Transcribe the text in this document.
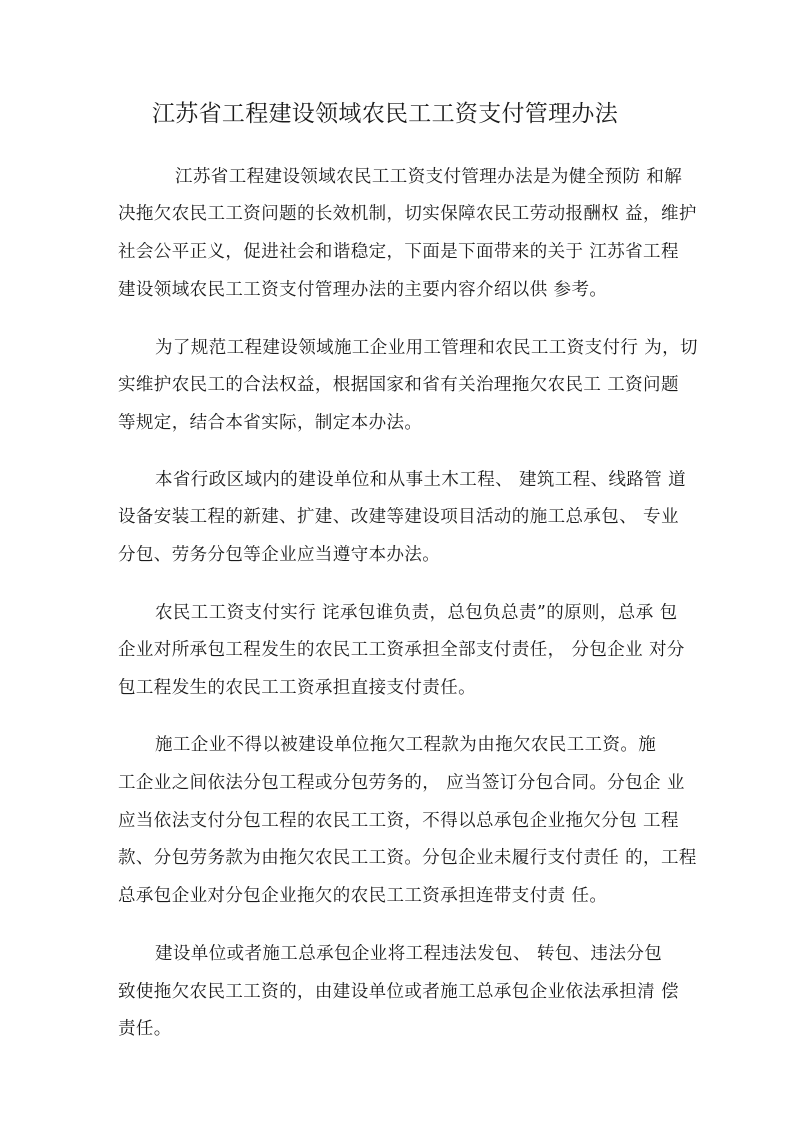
江苏省工程建设领域农民工工资支付管理办法
江苏省工程建设领域农民工工资支付管理办法是为健全预防 和解
决拖欠农民工工资问题的长效机制，切实保障农民工劳动报酬权 益，维护
社会公平正义，促进社会和谐稳定，下面是下面带来的关于 江苏省工程
建设领域农民工工资支付管理办法的主要内容介绍以供 参考。
为了规范工程建设领域施工企业用工管理和农民工工资支付行 为，切
实维护农民工的合法权益，根据国家和省有关治理拖欠农民工 工资问题
等规定，结合本省实际，制定本办法。
本省行政区域内的建设单位和从事土木工程、 建筑工程、线路管 道
设备安装工程的新建、扩建、改建等建设项目活动的施工总承包、 专业
分包、劳务分包等企业应当遵守本办法。
农民工工资支付实行 诧承包谁负责，总包负总责”的原则，总承 包
企业对所承包工程发生的农民工工资承担全部支付责任， 分包企业 对分
包工程发生的农民工工资承担直接支付责任。
施工企业不得以被建设单位拖欠工程款为由拖欠农民工工资。施
工企业之间依法分包工程或分包劳务的， 应当签订分包合同。分包企 业
应当依法支付分包工程的农民工工资，不得以总承包企业拖欠分包 工程
款、分包劳务款为由拖欠农民工工资。分包企业未履行支付责任 的，工程
总承包企业对分包企业拖欠的农民工工资承担连带支付责 任。
建设单位或者施工总承包企业将工程违法发包、 转包、违法分包
致使拖欠农民工工资的，由建设单位或者施工总承包企业依法承担清 偿
责任。
